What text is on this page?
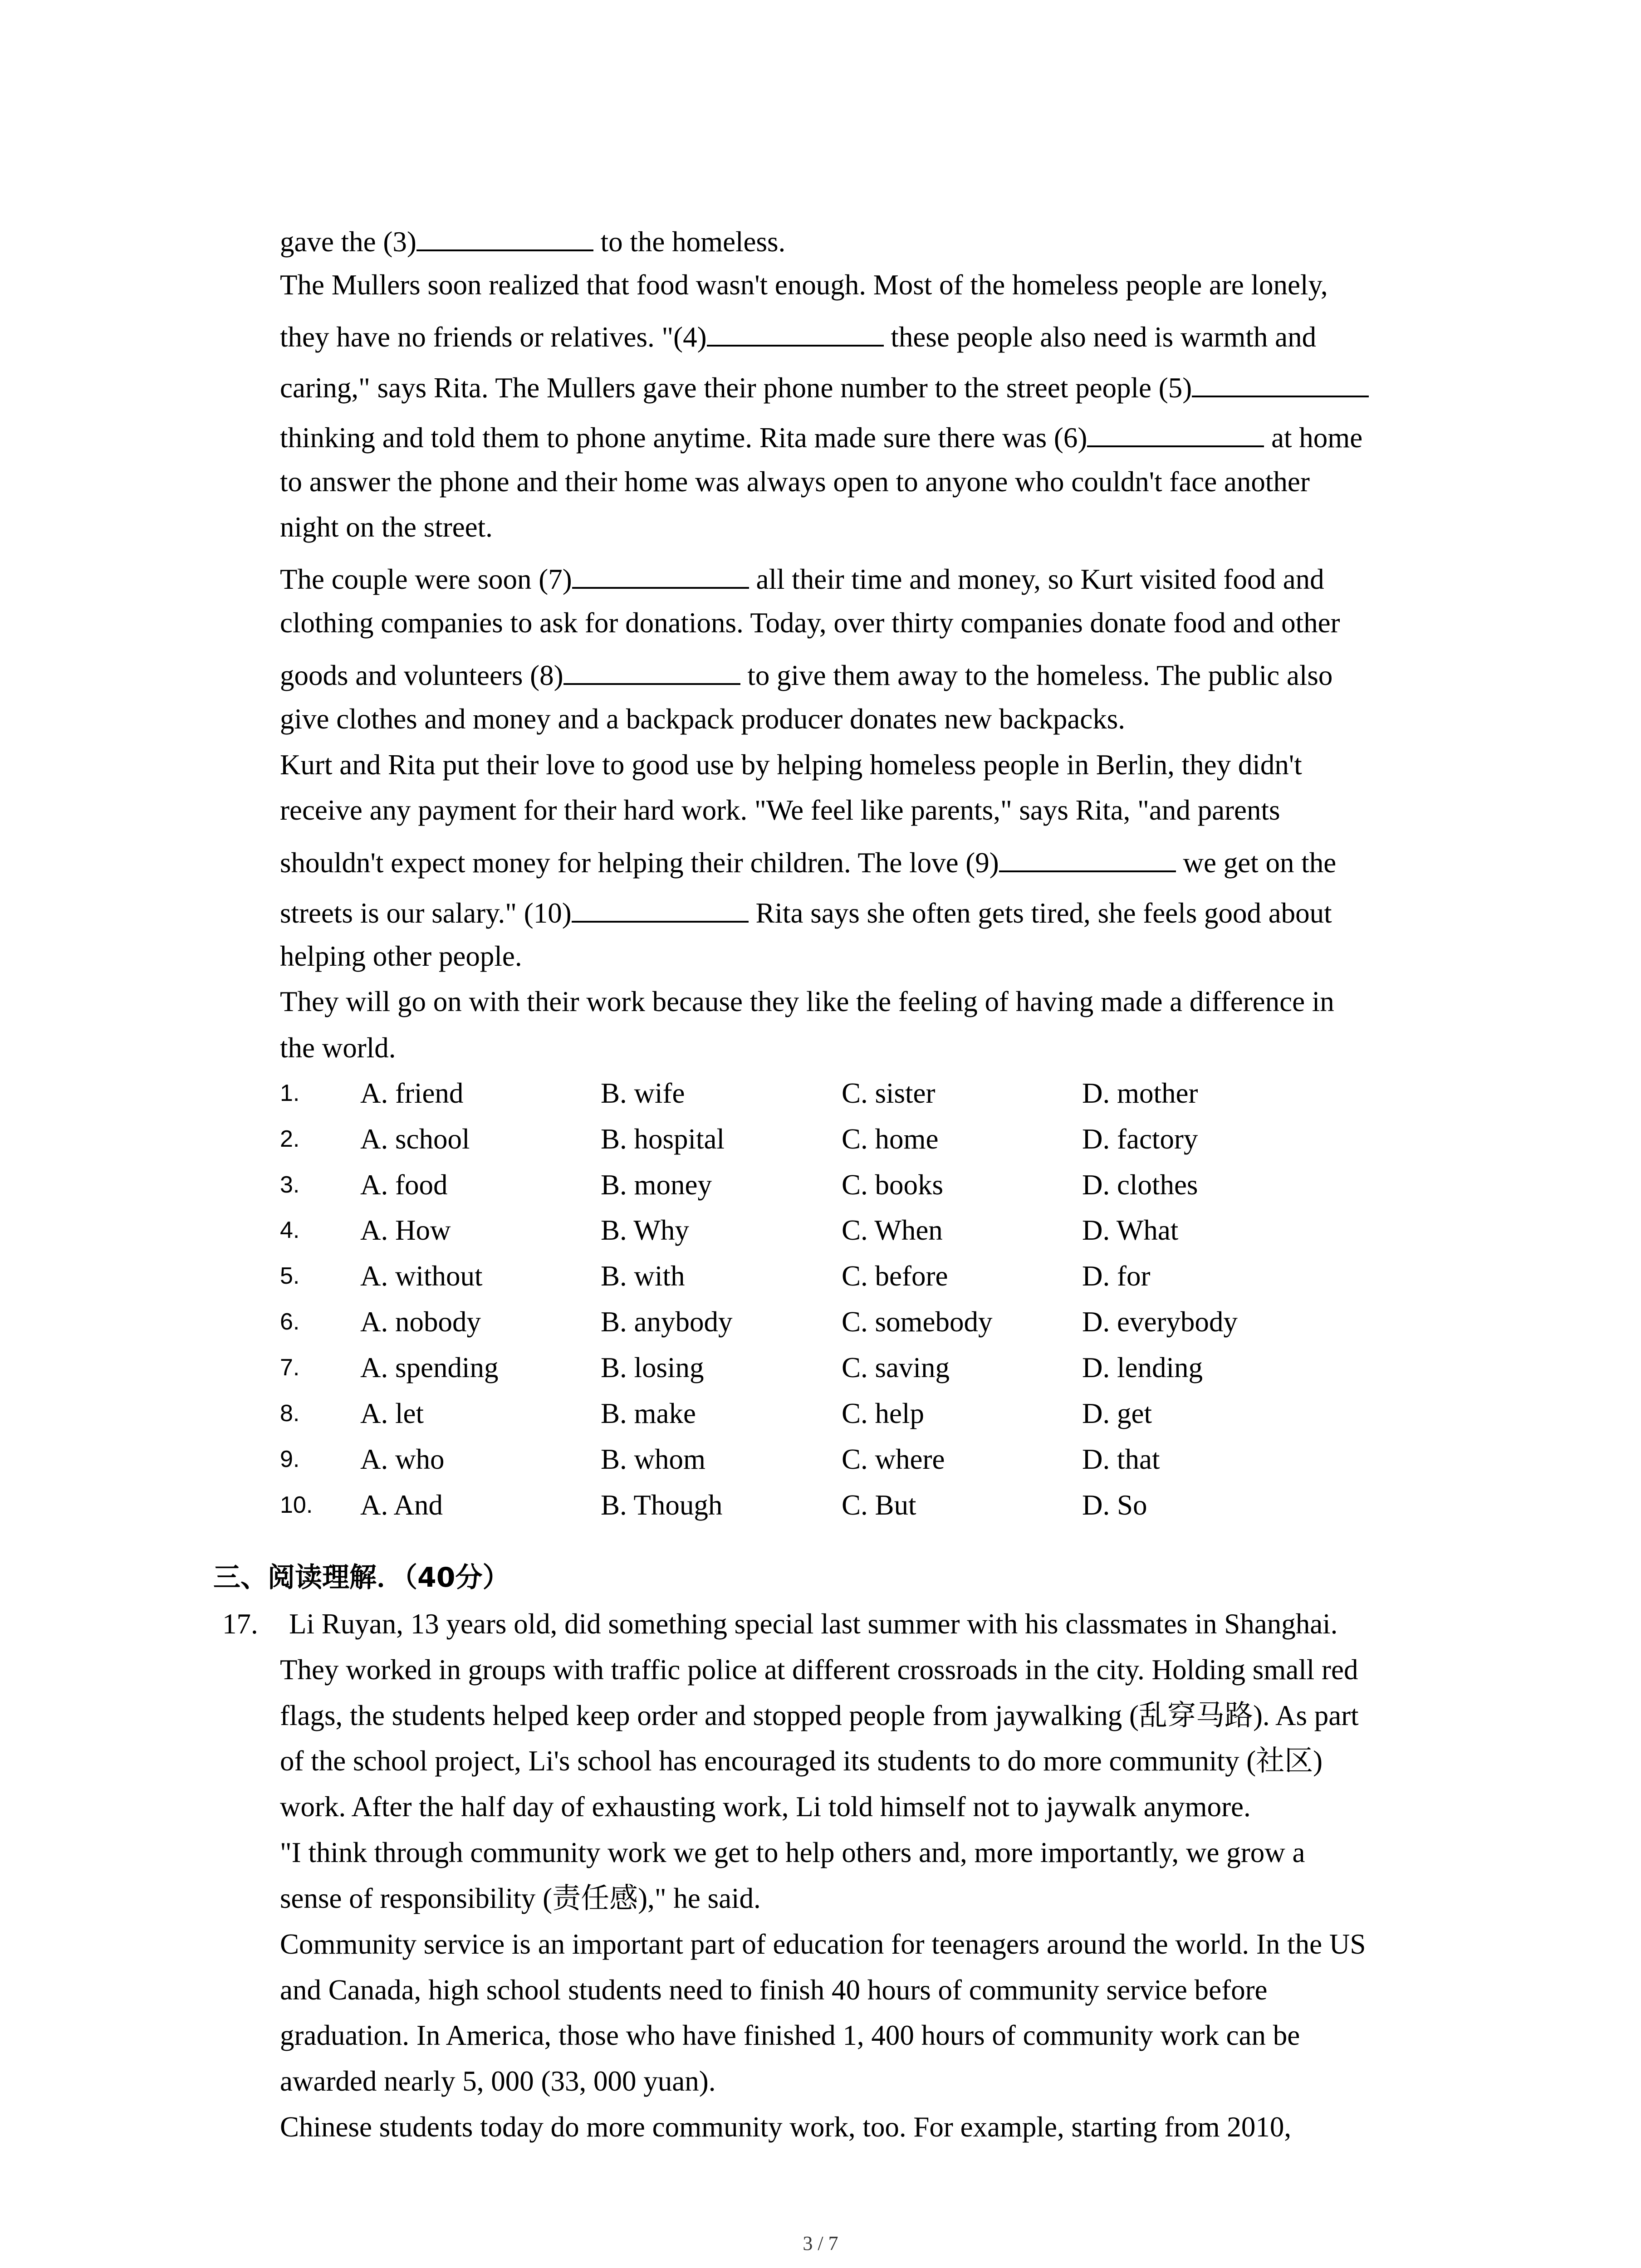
gave the (3)	to the homeless.
The Mullers soon realized that food wasn't enough. Most of the homeless people are lonely,
they have no friends or relatives. "(4)	these people also need is warmth and
caring," says Rita. The Mullers gave their phone number to the street people (5)
thinking and told them to phone anytime. Rita made sure there was (6)	at home
to answer the phone and their home was always open to anyone who couldn't face another
night on the street.
The couple were soon (7)	all their time and money, so Kurt visited food and
clothing companies to ask for donations. Today, over thirty companies donate food and other
goods and volunteers (8)	to give them away to the homeless. The public also
give clothes and money and a backpack producer donates new backpacks.
Kurt and Rita put their love to good use by helping homeless people in Berlin, they didn't
receive any payment for their hard work. "We feel like parents," says Rita, "and parents
shouldn't expect money for helping their children. The love (9)	we get on the
streets is our salary." (10)	Rita says she often gets tired, she feels good about
helping other people.
They will go on with their work because they like the feeling of having made a difference in
the world.
1. A. friend	B. wife	C. sister	D. mother
2. A. school	B. hospital	C. home	D. factory
3. A. food	B. money	C. books	D. clothes
4. A. How	B. Why	C. When	D. What
5. A. without	B. with	C. before	D. for
6. A. nobody	B. anybody	C. somebody	D. everybody
7. A. spending	B. losing	C. saving	D. lending
8. A. let	B. make	C. help	D. get
9. A. who	B. whom	C. where	D. that
10. A. And	B. Though	C. But	D. So
三、阅读理解．（40分）
17. Li Ruyan, 13 years old, did something special last summer with his classmates in Shanghai.
They worked in groups with traffic police at different crossroads in the city. Holding small red
flags, the students helped keep order and stopped people from jaywalking (乱穿马路). As part
of the school project, Li's school has encouraged its students to do more community (社区)
work. After the half day of exhausting work, Li told himself not to jaywalk anymore.
"I think through community work we get to help others and, more importantly, we grow a
sense of responsibility (责任感)," he said.
Community service is an important part of education for teenagers around the world. In the US
and Canada, high school students need to finish 40 hours of community service before
graduation. In America, those who have finished 1, 400 hours of community work can be
awarded nearly 5, 000 (33, 000 yuan).
Chinese students today do more community work, too. For example, starting from 2010,
3 / 7
